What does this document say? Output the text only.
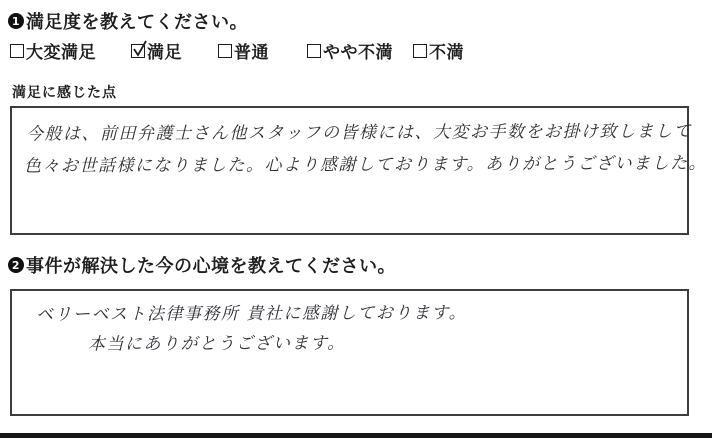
1 満足度を教えてください。
大変満足	満足	普通	やや不満 不満
満足に感じた点
今般は、前田弁護士さん他スタッフの皆様には、大変お手数をお掛け致しまして
色々お世話様になりました。心より感謝しております。ありがとうございました。
2 事件が解決した今の心境を教えてください。
ベリーベスト法律事務所 貴社に感謝しております。
本当にありがとうございます。
